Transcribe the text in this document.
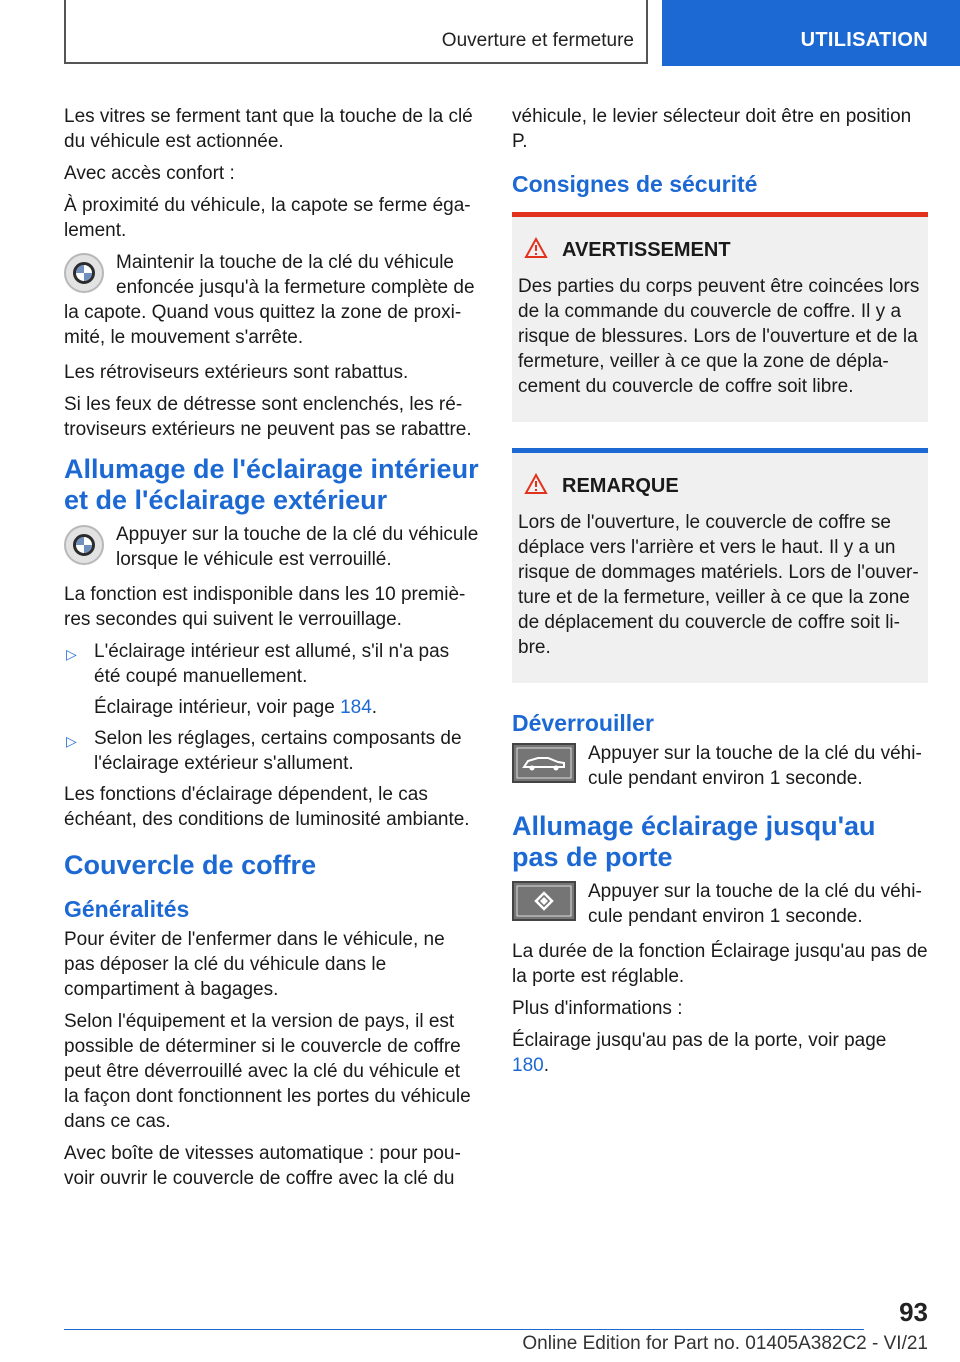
Ouverture et fermeture	UTILISATION

Les vitres se ferment tant que la touche de la clé du véhicule est actionnée.

Avec accès confort :

À proximité du véhicule, la capote se ferme également.

Maintenir la touche de la clé du véhicule enfoncée jusqu'à la fermeture complète de la capote. Quand vous quittez la zone de proximité, le mouvement s'arrête.

Les rétroviseurs extérieurs sont rabattus.

Si les feux de détresse sont enclenchés, les rétroviseurs extérieurs ne peuvent pas se rabattre.

Allumage de l'éclairage intérieur et de l'éclairage extérieur
Appuyer sur la touche de la clé du véhicule lorsque le véhicule est verrouillé.

La fonction est indisponible dans les 10 premières secondes qui suivent le verrouillage.

▷ L'éclairage intérieur est allumé, s'il n'a pas été coupé manuellement.
Éclairage intérieur, voir page 184.
▷ Selon les réglages, certains composants de l'éclairage extérieur s'allument.

Les fonctions d'éclairage dépendent, le cas échéant, des conditions de luminosité ambiante.

Couvercle de coffre
Généralités

Pour éviter de l'enfermer dans le véhicule, ne pas déposer la clé du véhicule dans le compartiment à bagages.

Selon l'équipement et la version de pays, il est possible de déterminer si le couvercle de coffre peut être déverrouillé avec la clé du véhicule et la façon dont fonctionnent les portes du véhicule dans ce cas.

Avec boîte de vitesses automatique : pour pouvoir ouvrir le couvercle de coffre avec la clé du

véhicule, le levier sélecteur doit être en position P.

Consignes de sécurité
AVERTISSEMENT

Des parties du corps peuvent être coincées lors de la commande du couvercle de coffre. Il y a risque de blessures. Lors de l'ouverture et de la fermeture, veiller à ce que la zone de déplacement du couvercle de coffre soit libre.

REMARQUE

Lors de l'ouverture, le couvercle de coffre se déplace vers l'arrière et vers le haut. Il y a un risque de dommages matériels. Lors de l'ouverture et de la fermeture, veiller à ce que la zone de déplacement du couvercle de coffre soit libre.

Déverrouiller
Appuyer sur la touche de la clé du véhicule pendant environ 1 seconde.
Allumage éclairage jusqu'au pas de porte
Appuyer sur la touche de la clé du véhicule pendant environ 1 seconde.

La durée de la fonction Éclairage jusqu'au pas de la porte est réglable.

Plus d'informations :

Éclairage jusqu'au pas de la porte, voir page 180.

93
Online Edition for Part no. 01405A382C2 - VI/21
